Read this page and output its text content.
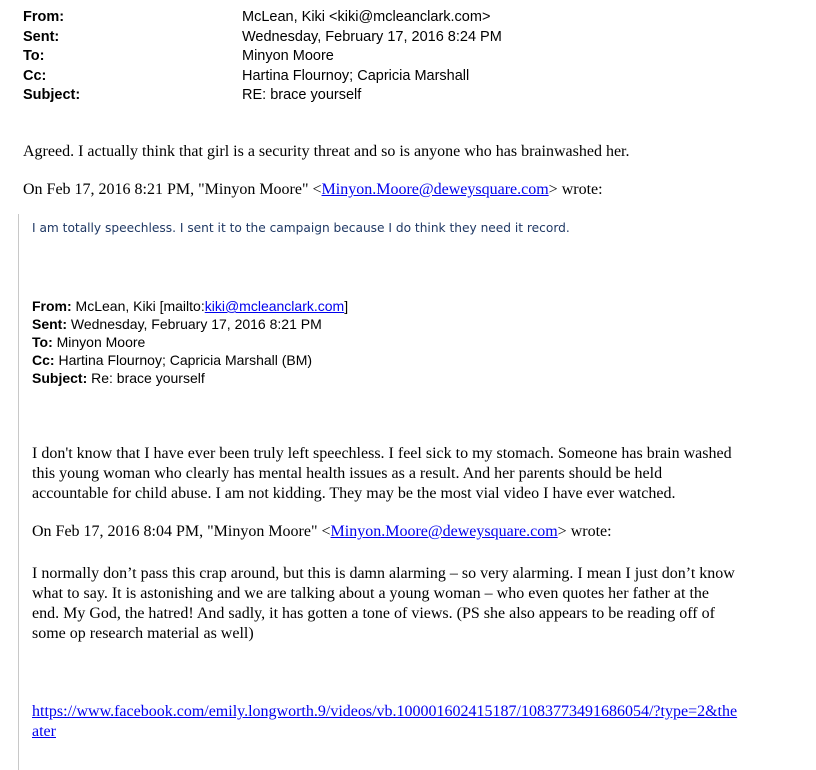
From:	McLean, Kiki <kiki@mcleanclark.com>
Sent:	Wednesday, February 17, 2016 8:24 PM
To:	Minyon Moore
Cc:	Hartina Flournoy; Capricia Marshall
Subject:	RE: brace yourself
Agreed. I actually think that girl is a security threat and so is anyone who has brainwashed her.
On Feb 17, 2016 8:21 PM, "Minyon Moore" <Minyon.Moore@deweysquare.com> wrote:
I am totally speechless. I sent it to the campaign because I do think they need it record.
From: McLean, Kiki [mailto:kiki@mcleanclark.com]
Sent: Wednesday, February 17, 2016 8:21 PM
To: Minyon Moore
Cc: Hartina Flournoy; Capricia Marshall (BM)
Subject: Re: brace yourself
I don't know that I have ever been truly left speechless. I feel sick to my stomach. Someone has brain washed
this young woman who clearly has mental health issues as a result. And her parents should be held
accountable for child abuse. I am not kidding. They may be the most vial video I have ever watched.
On Feb 17, 2016 8:04 PM, "Minyon Moore" <Minyon.Moore@deweysquare.com> wrote:
I normally don’t pass this crap around, but this is damn alarming – so very alarming. I mean I just don’t know
what to say. It is astonishing and we are talking about a young woman – who even quotes her father at the
end. My God, the hatred! And sadly, it has gotten a tone of views. (PS she also appears to be reading off of
some op research material as well)
https://www.facebook.com/emily.longworth.9/videos/vb.100001602415187/1083773491686054/?type=2&the
ater
